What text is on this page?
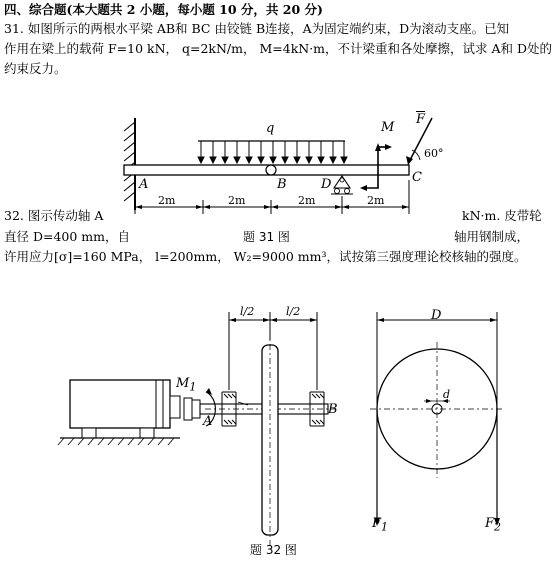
四、综合题(本大题共 2 小题，每小题 10 分，共 20 分)
31. 如图所示的两根水平梁 AB和 BC 由铰链 B连接，A为固定端约束，D为滚动支座。已知
作用在梁上的载荷 F=10 kN， q=2kN/m， M=4kN·m，不计梁重和各处摩擦，试求 A和 D处的
约束反力。
32. 图示传动轴 A	kN·m. 皮带轮
直径 D=400 mm，自	轴用钢制成，
许用应力[σ]=160 MPa， l=200mm， W₂=9000 mm³，试按第三强度理论校核轴的强度。
q	M
$\overline{F}$
60°
A	B	D	C
2m	2m	2m	2m
题 31 图
l/2	l/2	D
d
$M_1$
A
B
$F_1$	$F_2$
题 32 图
